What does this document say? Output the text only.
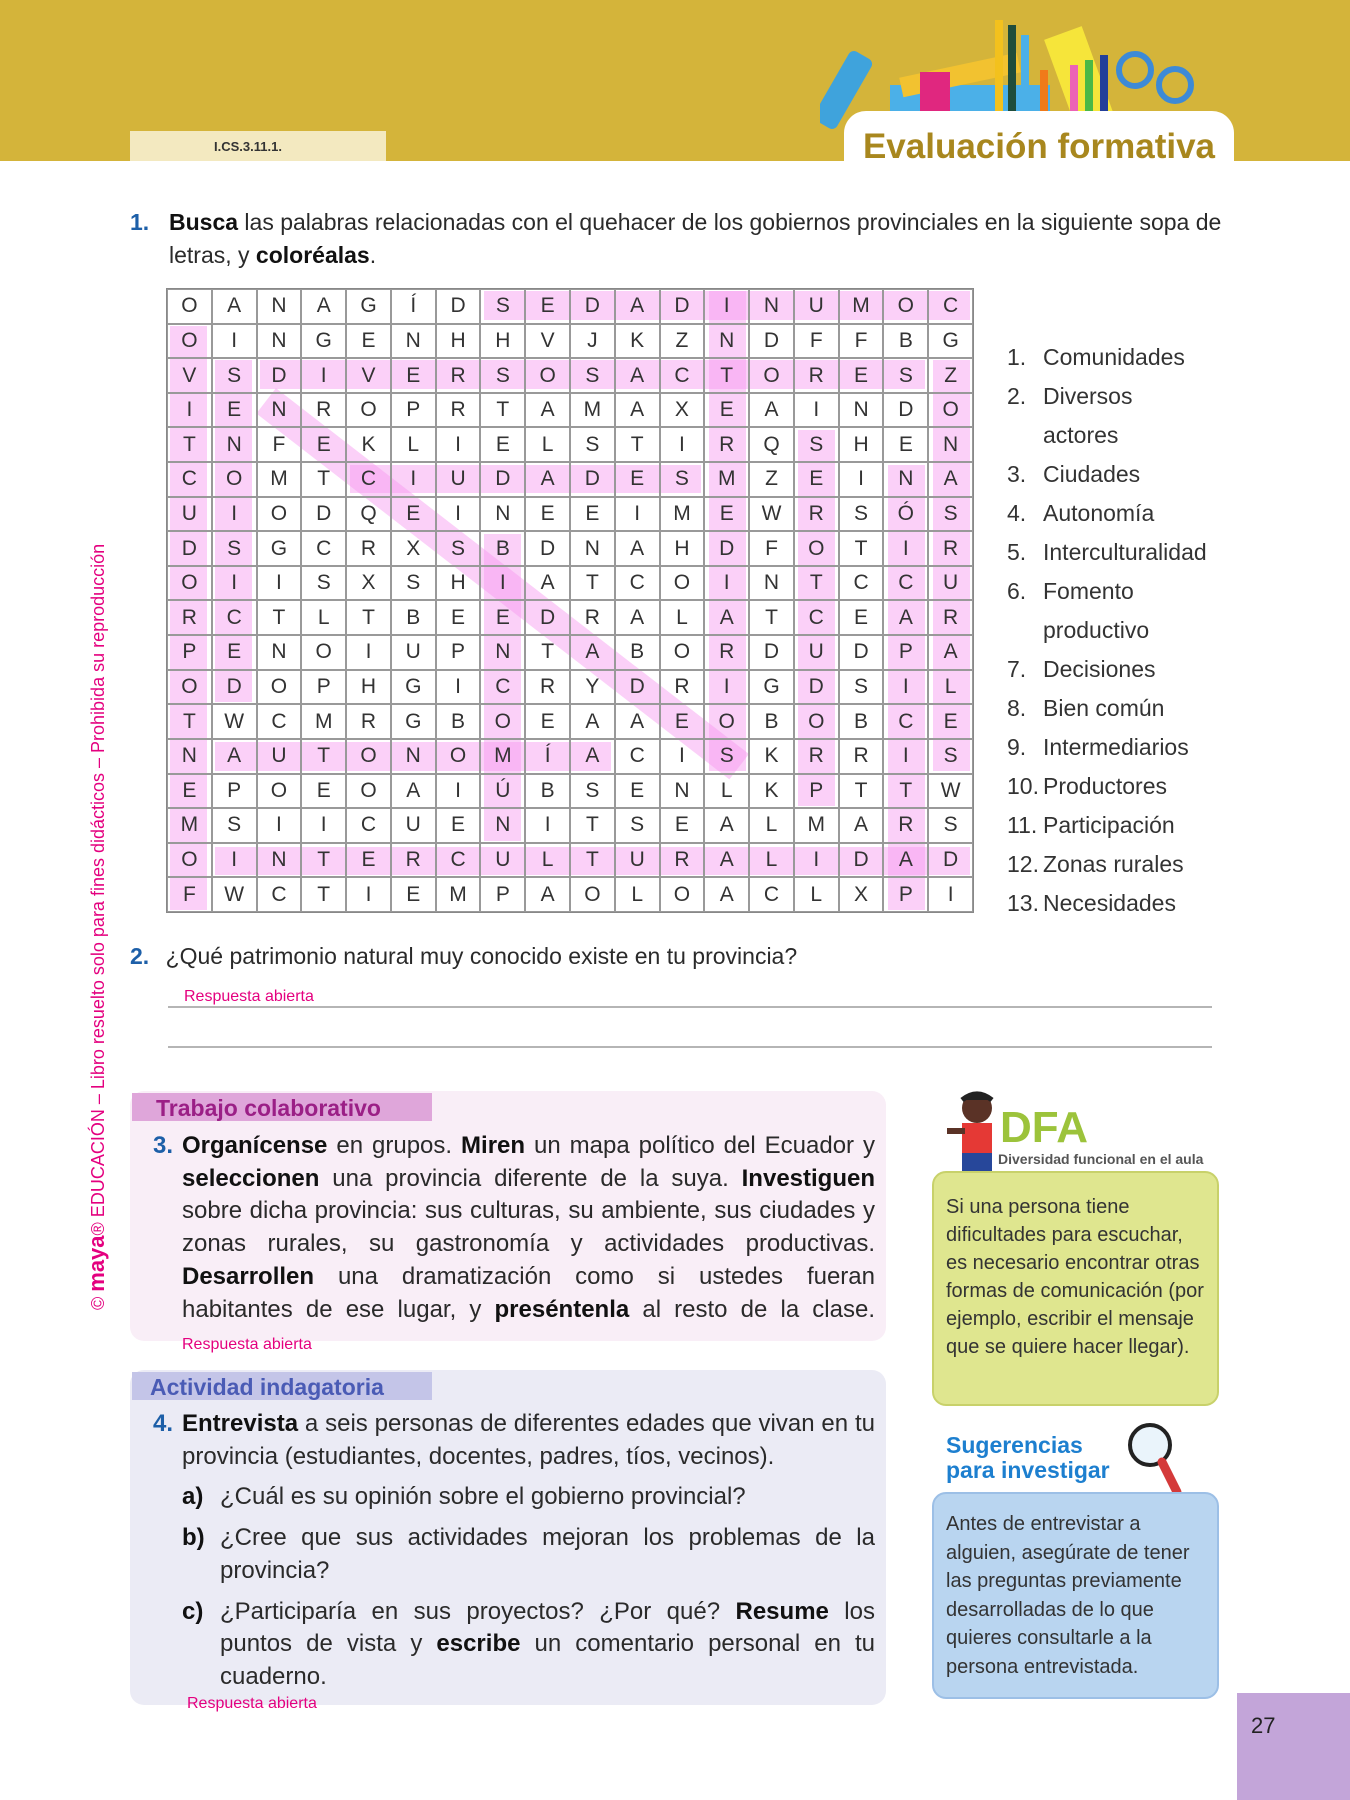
I.CS.3.11.1.	Evaluación formativa
© maya® EDUCACIÓN – Libro resuelto solo para fines didácticos – Prohibida su reproducción
1. Busca las palabras relacionadas con el quehacer de los gobiernos provinciales en la siguiente sopa de letras, y coloréalas.
O	A	N	A	G	Í	D	S	E	D	A	D	I	N	U	M	O	C
O	I	N	G	E	N	H	H	V	J	K	Z	N	D	F	F	B	G
V	S	D	I	V	E	R	S	O	S	A	C	T	O	R	E	S	Z
I	E	N	R	O	P	R	T	A	M	A	X	E	A	I	N	D	O
T	N	F	E	K	L	I	E	L	S	T	I	R	Q	S	H	E	N
C	O	M	T	C	I	U	D	A	D	E	S	M	Z	E	I	N	A
U	I	O	D	Q	E	I	N	E	E	I	M	E	W	R	S	Ó	S
D	S	G	C	R	X	S	B	D	N	A	H	D	F	O	T	I	R
O	I	I	S	X	S	H	I	A	T	C	O	I	N	T	C	C	U
R	C	T	L	T	B	E	E	D	R	A	L	A	T	C	E	A	R
P	E	N	O	I	U	P	N	T	A	B	O	R	D	U	D	P	A
O	D	O	P	H	G	I	C	R	Y	D	R	I	G	D	S	I	L
T	W	C	M	R	G	B	O	E	A	A	E	O	B	O	B	C	E
N	A	U	T	O	N	O	M	Í	A	C	I	S	K	R	R	I	S
E	P	O	E	O	A	I	Ú	B	S	E	N	L	K	P	T	T	W
M	S	I	I	C	U	E	N	I	T	S	E	A	L	M	A	R	S
O	I	N	T	E	R	C	U	L	T	U	R	A	L	I	D	A	D
F	W	C	T	I	E	M	P	A	O	L	O	A	C	L	X	P	I
1. Comunidades
2. Diversos actores
3. Ciudades
4. Autonomía
5. Interculturalidad
6. Fomento productivo
7. Decisiones
8. Bien común
9. Intermediarios
10. Productores
11. Participación
12. Zonas rurales
13. Necesidades
2. ¿Qué patrimonio natural muy conocido existe en tu provincia?
Respuesta abierta
Trabajo colaborativo
3. Organícense en grupos. Miren un mapa político del Ecuador y seleccionen una provincia diferente de la suya. Investiguen sobre dicha provincia: sus culturas, su ambiente, sus ciudades y zonas rurales, su gastronomía y actividades productivas. Desarrollen una dramatización como si ustedes fueran habitantes de ese lugar, y preséntenla al resto de la clase. Respuesta abierta
Actividad indagatoria
4. Entrevista a seis personas de diferentes edades que vivan en tu provincia (estudiantes, docentes, padres, tíos, vecinos).
a) ¿Cuál es su opinión sobre el gobierno provincial?
b) ¿Cree que sus actividades mejoran los problemas de la provincia?
c) ¿Participaría en sus proyectos? ¿Por qué? Resume los puntos de vista y escribe un comentario personal en tu cuaderno.
Respuesta abierta
DFA
Diversidad funcional en el aula
Si una persona tiene dificultades para escuchar, es necesario encontrar otras formas de comunicación (por ejemplo, escribir el mensaje que se quiere hacer llegar).
Sugerencias
para investigar
Antes de entrevistar a alguien, asegúrate de tener las preguntas previamente desarrolladas de lo que quieres consultarle a la persona entrevistada.
27
